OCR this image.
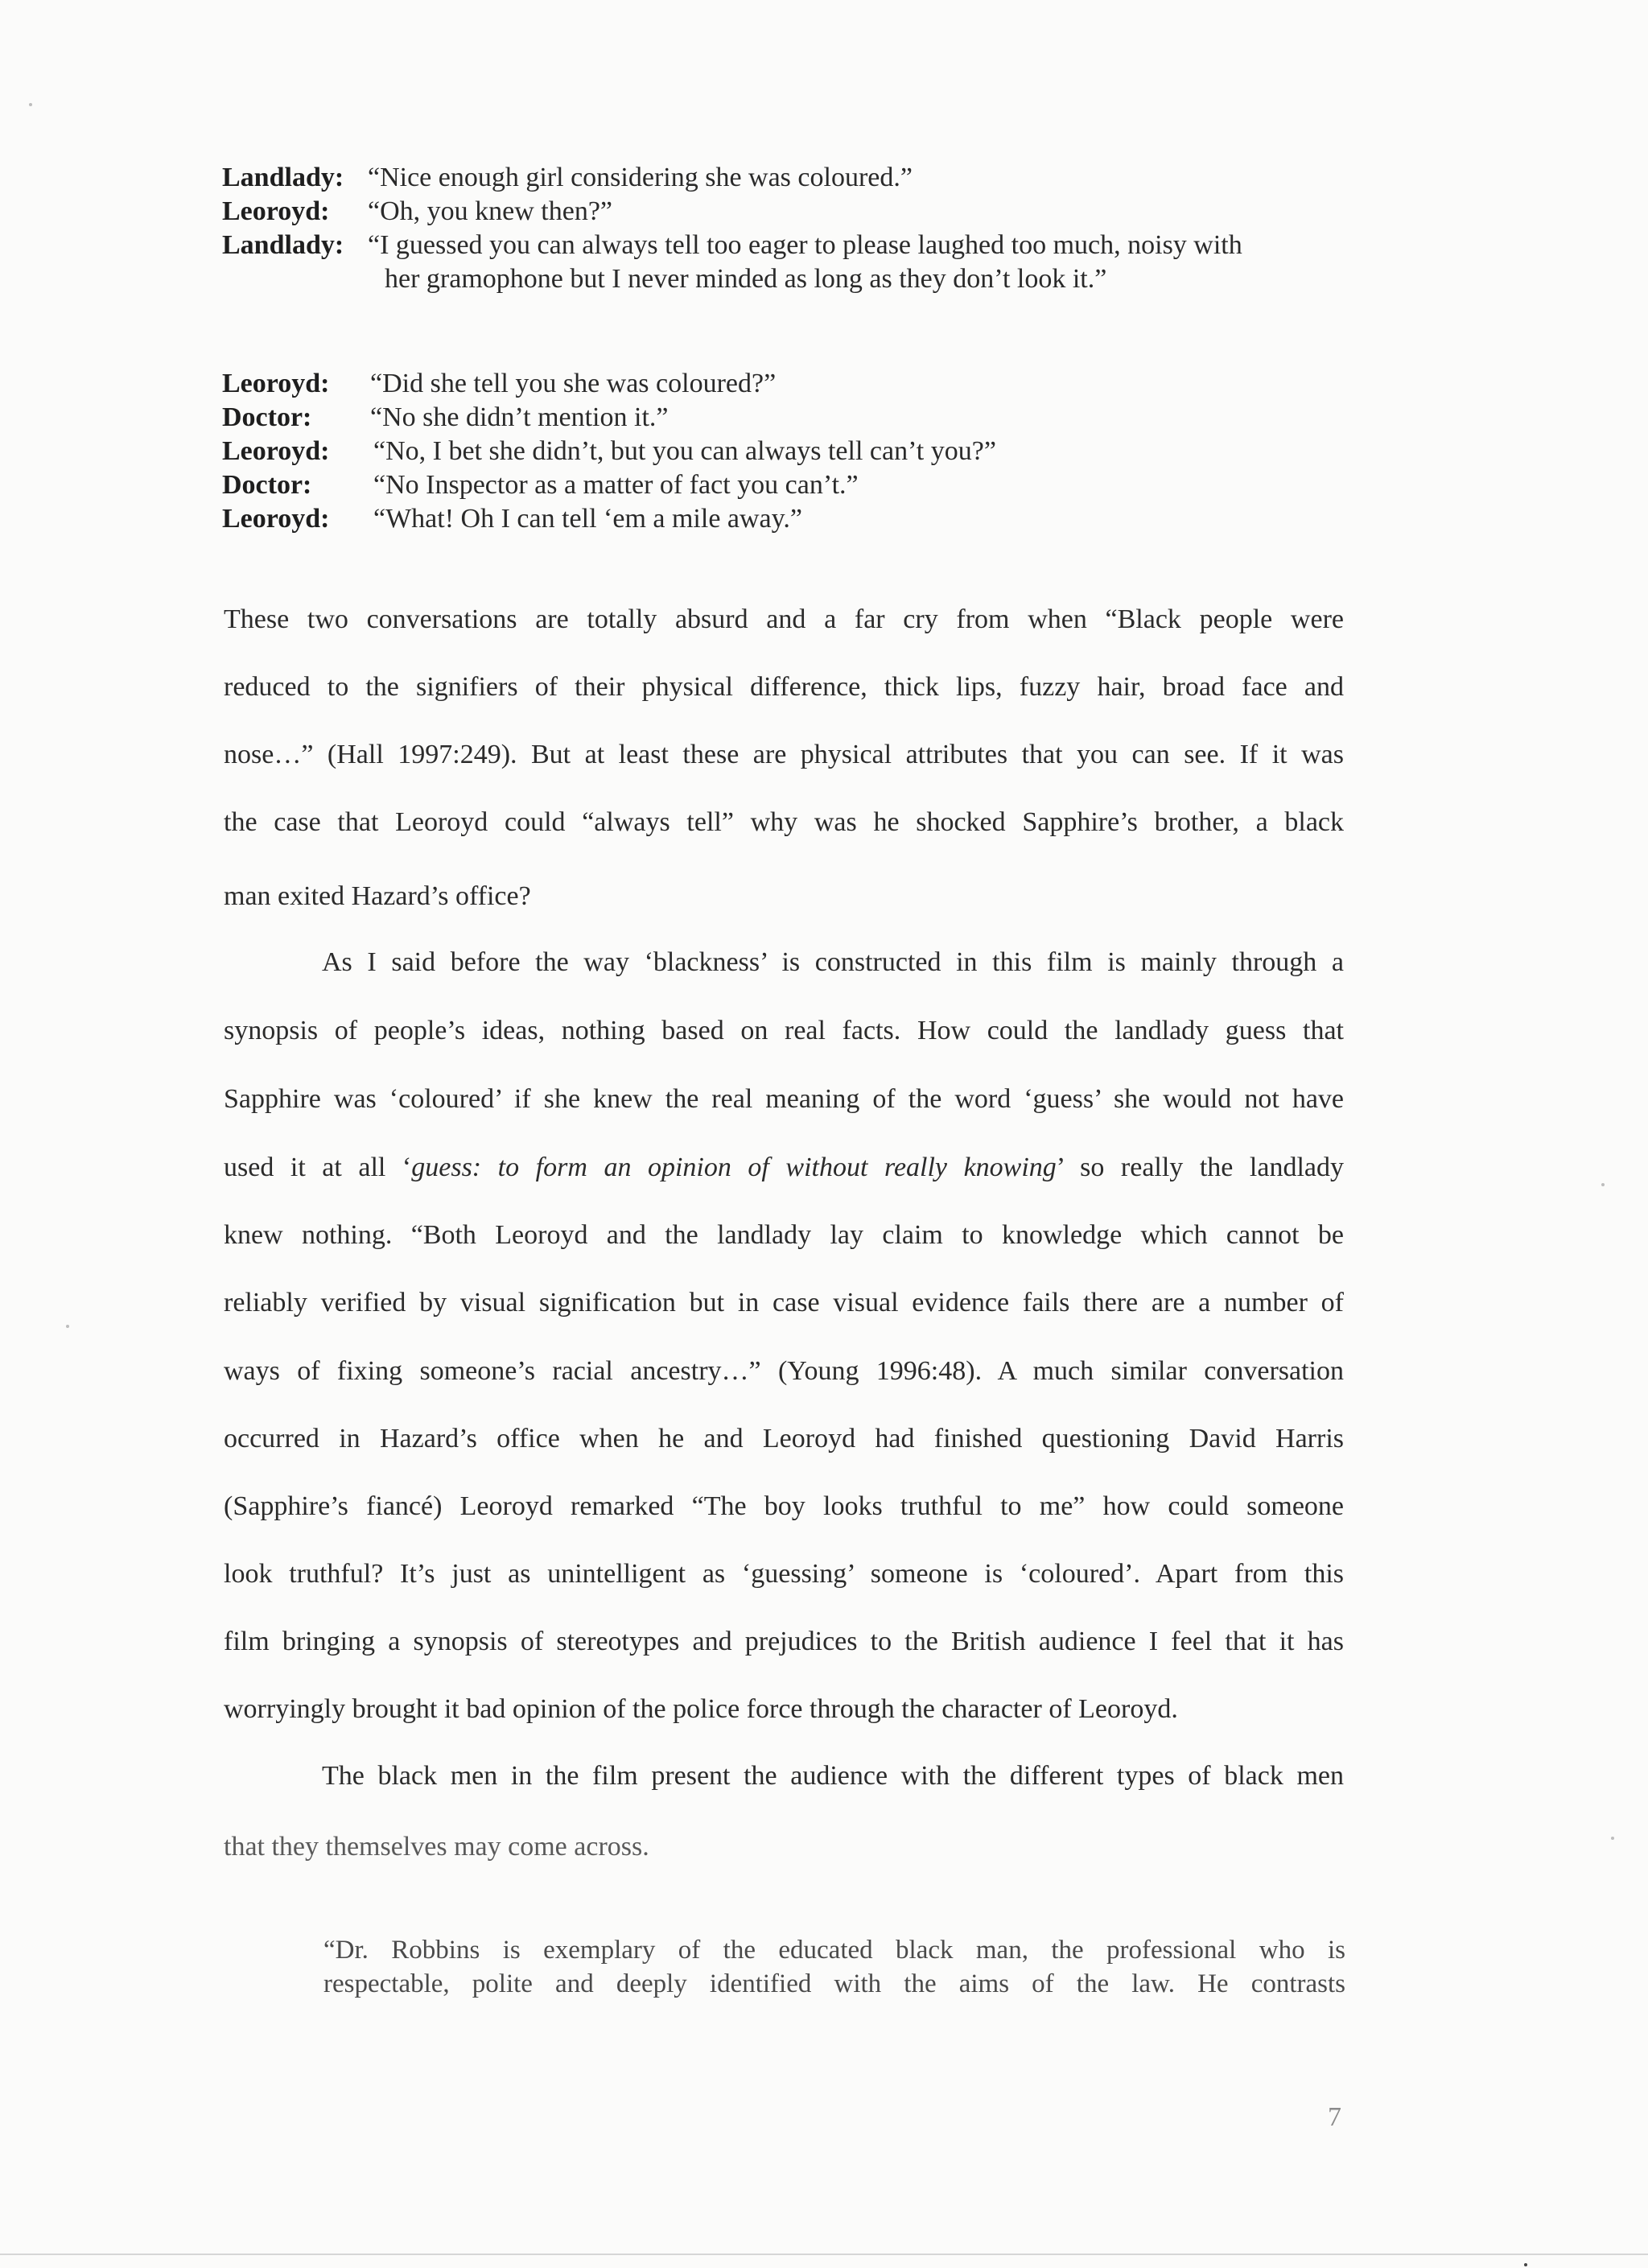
Landlady: “Nice enough girl considering she was coloured.”
Leoroyd: “Oh, you knew then?”
Landlady: “I guessed you can always tell too eager to please laughed too much, noisy with
her gramophone but I never minded as long as they don’t look it.”
Leoroyd: “Did she tell you she was coloured?”
Doctor: “No she didn’t mention it.”
Leoroyd: “No, I bet she didn’t, but you can always tell can’t you?”
Doctor: “No Inspector as a matter of fact you can’t.”
Leoroyd: “What! Oh I can tell ‘em a mile away.”
These two conversations are totally absurd and a far cry from when “Black people were
reduced to the signifiers of their physical difference, thick lips, fuzzy hair, broad face and
nose…” (Hall 1997:249). But at least these are physical attributes that you can see. If it was
the case that Leoroyd could “always tell” why was he shocked Sapphire’s brother, a black
man exited Hazard’s office?
As I said before the way ‘blackness’ is constructed in this film is mainly through a
synopsis of people’s ideas, nothing based on real facts. How could the landlady guess that
Sapphire was ‘coloured’ if she knew the real meaning of the word ‘guess’ she would not have
used it at all ‘guess: to form an opinion of without really knowing’ so really the landlady
knew nothing. “Both Leoroyd and the landlady lay claim to knowledge which cannot be
reliably verified by visual signification but in case visual evidence fails there are a number of
ways of fixing someone’s racial ancestry…” (Young 1996:48). A much similar conversation
occurred in Hazard’s office when he and Leoroyd had finished questioning David Harris
(Sapphire’s fiancé) Leoroyd remarked “The boy looks truthful to me” how could someone
look truthful? It’s just as unintelligent as ‘guessing’ someone is ‘coloured’. Apart from this
film bringing a synopsis of stereotypes and prejudices to the British audience I feel that it has
worryingly brought it bad opinion of the police force through the character of Leoroyd.
The black men in the film present the audience with the different types of black men
that they themselves may come across.
“Dr. Robbins is exemplary of the educated black man, the professional who is
respectable, polite and deeply identified with the aims of the law. He contrasts
7
